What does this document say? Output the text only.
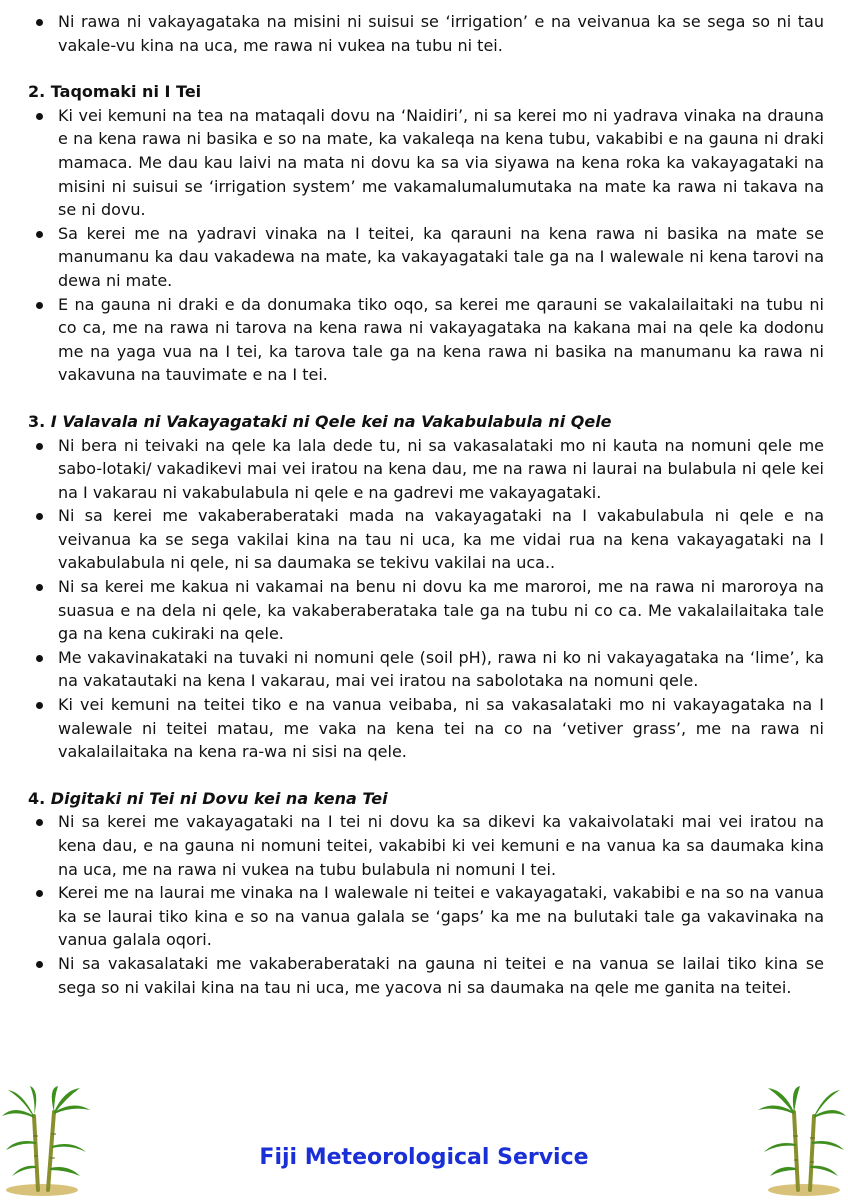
Ni rawa ni vakayagataka na misini ni suisui se ‘irrigation’ e na veivanua ka se sega so ni tau vakale-vu kina na uca, me rawa ni vukea na tubu ni tei.

2. Taqomaki ni I Tei

Ki vei kemuni na tea na mataqali dovu na ‘Naidiri’, ni sa kerei mo ni yadrava vinaka na drauna e na kena rawa ni basika e so na mate, ka vakaleqa na kena tubu, vakabibi e na gauna ni draki mamaca. Me dau kau laivi na mata ni dovu ka sa via siyawa na kena roka ka vakayagataki na misini ni suisui se ‘irrigation system’ me vakamalumalumutaka na mate ka rawa ni takava na se ni dovu.
Sa kerei me na yadravi vinaka na I teitei, ka qarauni na kena rawa ni basika na mate se manumanu ka dau vakadewa na mate, ka vakayagataki tale ga na I walewale ni kena tarovi na dewa ni mate.
E na gauna ni draki e da donumaka tiko oqo, sa kerei me qarauni se vakalailaitaki na tubu ni co ca, me na rawa ni tarova na kena rawa ni vakayagataka na kakana mai na qele ka dodonu me na yaga vua na I tei, ka tarova tale ga na kena rawa ni basika na manumanu ka rawa ni vakavuna na tauvimate e na I tei.

3. I Valavala ni Vakayagataki ni Qele kei na Vakabulabula ni Qele

Ni bera ni teivaki na qele ka lala dede tu, ni sa vakasalataki mo ni kauta na nomuni qele me sabo-lotaki/ vakadikevi mai vei iratou na kena dau, me na rawa ni laurai na bulabula ni qele kei na I vakarau ni vakabulabula ni qele e na gadrevi me vakayagataki.
Ni sa kerei me vakaberaberataki mada na vakayagataki na I vakabulabula ni qele e na veivanua ka se sega vakilai kina na tau ni uca, ka me vidai rua na kena vakayagataki na I vakabulabula ni qele, ni sa daumaka se tekivu vakilai na uca..
Ni sa kerei me kakua ni vakamai na benu ni dovu ka me maroroi, me na rawa ni maroroya na suasua e na dela ni qele, ka vakaberaberataka tale ga na tubu ni co ca. Me vakalailaitaka tale ga na kena cukiraki na qele.
Me vakavinakataki na tuvaki ni nomuni qele (soil pH), rawa ni ko ni vakayagataka na ‘lime’, ka na vakatautaki na kena I vakarau, mai vei iratou na sabolotaka na nomuni qele.
Ki vei kemuni na teitei tiko e na vanua veibaba, ni sa vakasalataki mo ni vakayagataka na I walewale ni teitei matau, me vaka na kena tei na co na ‘vetiver grass’, me na rawa ni vakalailaitaka na kena ra-wa ni sisi na qele.

4. Digitaki ni Tei ni Dovu kei na kena Tei

Ni sa kerei me vakayagataki na I tei ni dovu ka sa dikevi ka vakaivolataki mai vei iratou na kena dau, e na gauna ni nomuni teitei, vakabibi ki vei kemuni e na vanua ka sa daumaka kina na uca, me na rawa ni vukea na tubu bulabula ni nomuni I tei.
Kerei me na laurai me vinaka na I walewale ni teitei e vakayagataki, vakabibi e na so na vanua ka se laurai tiko kina e so na vanua galala se ‘gaps’ ka me na bulutaki tale ga vakavinaka na vanua galala oqori.
Ni sa vakasalataki me vakaberaberataki na gauna ni teitei e na vanua se lailai tiko kina se sega so ni vakilai kina na tau ni uca, me yacova ni sa daumaka na qele me ganita na teitei.
Fiji Meteorological Service
